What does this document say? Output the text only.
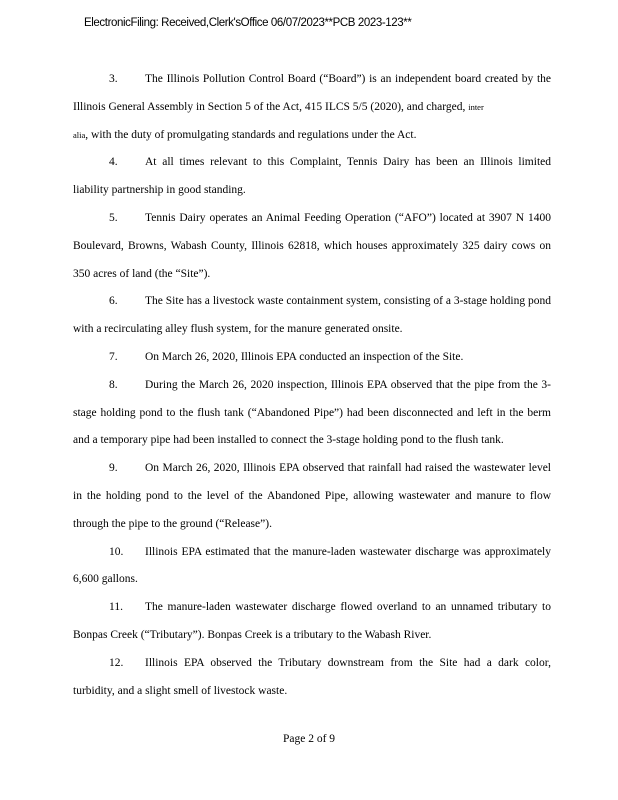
ElectronicFiling: Received,Clerk'sOffice 06/07/2023**PCB 2023-123**

3. The Illinois Pollution Control Board (“Board”) is an independent board created by the Illinois General Assembly in Section 5 of the Act, 415 ILCS 5/5 (2020), and charged, inter
alia, with the duty of promulgating standards and regulations under the Act.

4. At all times relevant to this Complaint, Tennis Dairy has been an Illinois limited liability partnership in good standing.

5. Tennis Dairy operates an Animal Feeding Operation (“AFO”) located at 3907 N 1400 Boulevard, Browns, Wabash County, Illinois 62818, which houses approximately 325 dairy cows on 350 acres of land (the “Site”).

6. The Site has a livestock waste containment system, consisting of a 3-stage holding pond with a recirculating alley flush system, for the manure generated onsite.

7. On March 26, 2020, Illinois EPA conducted an inspection of the Site.

8. During the March 26, 2020 inspection, Illinois EPA observed that the pipe from the 3-stage holding pond to the flush tank (“Abandoned Pipe”) had been disconnected and left in the berm and a temporary pipe had been installed to connect the 3-stage holding pond to the flush tank.

9. On March 26, 2020, Illinois EPA observed that rainfall had raised the wastewater level in the holding pond to the level of the Abandoned Pipe, allowing wastewater and manure to flow through the pipe to the ground (“Release”).

10. Illinois EPA estimated that the manure-laden wastewater discharge was approximately 6,600 gallons.

11. The manure-laden wastewater discharge flowed overland to an unnamed tributary to Bonpas Creek (“Tributary”). Bonpas Creek is a tributary to the Wabash River.

12. Illinois EPA observed the Tributary downstream from the Site had a dark color, turbidity, and a slight smell of livestock waste.

Page 2 of 9
